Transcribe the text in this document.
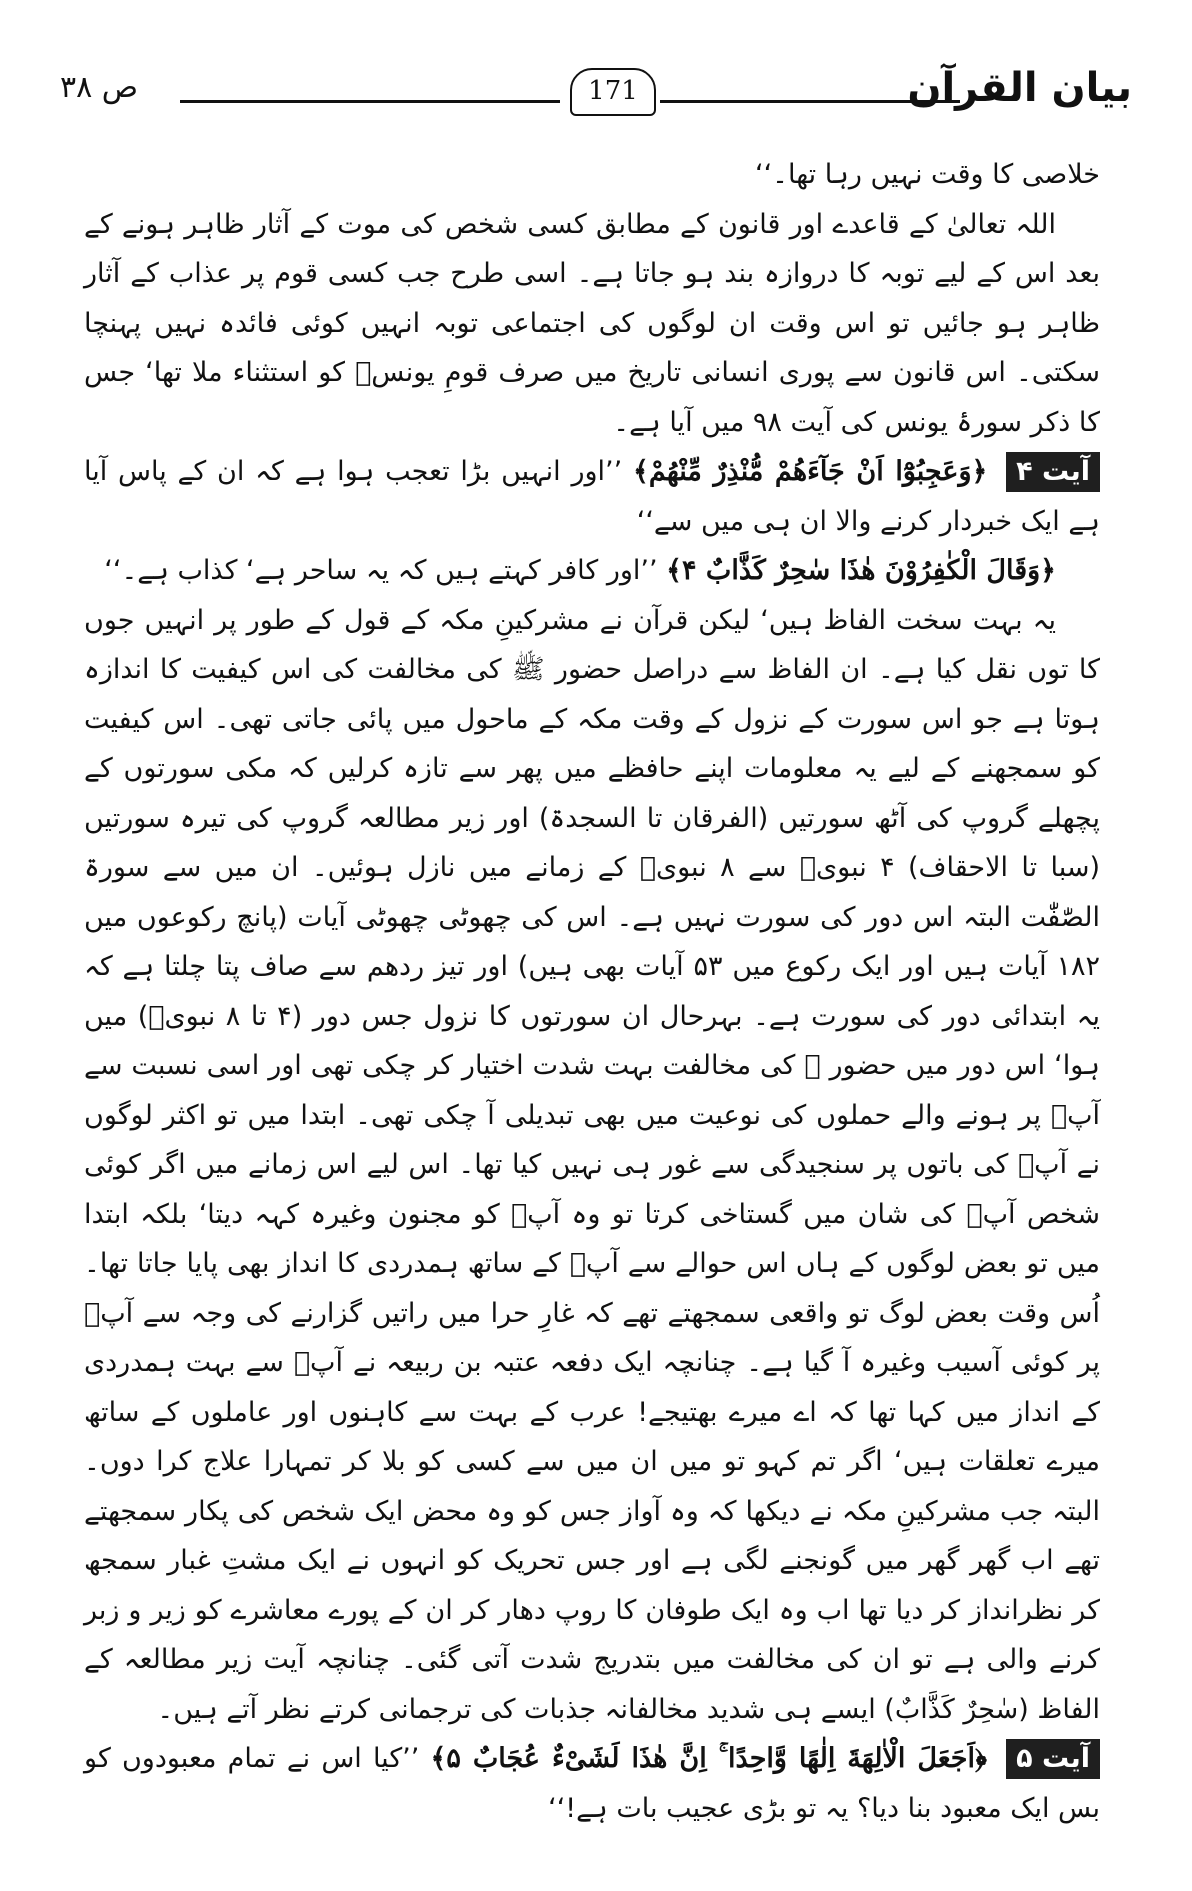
ص ۳۸	171	بیان القرآن

خلاصی کا وقت نہیں رہا تھا۔‘‘

اللہ تعالیٰ کے قاعدے اور قانون کے مطابق کسی شخص کی موت کے آثار ظاہر ہونے کے بعد اس کے لیے توبہ کا دروازہ بند ہو جاتا ہے۔ اسی طرح جب کسی قوم پر عذاب کے آثار ظاہر ہو جائیں تو اس وقت ان لوگوں کی اجتماعی توبہ انہیں کوئی فائدہ نہیں پہنچا سکتی۔ اس قانون سے پوری انسانی تاریخ میں صرف قومِ یونسؑ کو استثناء ملا تھا‘ جس کا ذکر سورۂ یونس کی آیت ۹۸ میں آیا ہے۔

آیت ۴ ﴿وَعَجِبُوْٓا اَنْ جَآءَهُمْ مُّنْذِرٌ مِّنْهُمْ﴾ ’’اور انہیں بڑا تعجب ہوا ہے کہ ان کے پاس آیا ہے ایک خبردار کرنے والا ان ہی میں سے‘‘

﴿وَقَالَ الْكٰفِرُوْنَ هٰذَا سٰحِرٌ كَذَّابٌ ۴﴾ ’’اور کافر کہتے ہیں کہ یہ ساحر ہے‘ کذاب ہے۔‘‘

یہ بہت سخت الفاظ ہیں‘ لیکن قرآن نے مشرکینِ مکہ کے قول کے طور پر انہیں جوں کا توں نقل کیا ہے۔ ان الفاظ سے دراصل حضور ﷺ کی مخالفت کی اس کیفیت کا اندازہ ہوتا ہے جو اس سورت کے نزول کے وقت مکہ کے ماحول میں پائی جاتی تھی۔ اس کیفیت کو سمجھنے کے لیے یہ معلومات اپنے حافظے میں پھر سے تازہ کرلیں کہ مکی سورتوں کے پچھلے گروپ کی آٹھ سورتیں (الفرقان تا السجدۃ) اور زیر مطالعہ گروپ کی تیرہ سورتیں (سبا تا الاحقاف) ۴ نبویؐ سے ۸ نبویؐ کے زمانے میں نازل ہوئیں۔ ان میں سے سورۃ الصّٰفّٰت البتہ اس دور کی سورت نہیں ہے۔ اس کی چھوٹی چھوٹی آیات (پانچ رکوعوں میں ۱۸۲ آیات ہیں اور ایک رکوع میں ۵۳ آیات بھی ہیں) اور تیز ردھم سے صاف پتا چلتا ہے کہ یہ ابتدائی دور کی سورت ہے۔ بہرحال ان سورتوں کا نزول جس دور (۴ تا ۸ نبویؐ) میں ہوا‘ اس دور میں حضور ﷺ کی مخالفت بہت شدت اختیار کر چکی تھی اور اسی نسبت سے آپؐ پر ہونے والے حملوں کی نوعیت میں بھی تبدیلی آ چکی تھی۔ ابتدا میں تو اکثر لوگوں نے آپؐ کی باتوں پر سنجیدگی سے غور ہی نہیں کیا تھا۔ اس لیے اس زمانے میں اگر کوئی شخص آپؐ کی شان میں گستاخی کرتا تو وہ آپؐ کو مجنون وغیرہ کہہ دیتا‘ بلکہ ابتدا میں تو بعض لوگوں کے ہاں اس حوالے سے آپؐ کے ساتھ ہمدردی کا انداز بھی پایا جاتا تھا۔ اُس وقت بعض لوگ تو واقعی سمجھتے تھے کہ غارِ حرا میں راتیں گزارنے کی وجہ سے آپؐ پر کوئی آسیب وغیرہ آ گیا ہے۔ چنانچہ ایک دفعہ عتبہ بن ربیعہ نے آپؐ سے بہت ہمدردی کے انداز میں کہا تھا کہ اے میرے بھتیجے! عرب کے بہت سے کاہنوں اور عاملوں کے ساتھ میرے تعلقات ہیں‘ اگر تم کہو تو میں ان میں سے کسی کو بلا کر تمہارا علاج کرا دوں۔ البتہ جب مشرکینِ مکہ نے دیکھا کہ وہ آواز جس کو وہ محض ایک شخص کی پکار سمجھتے تھے اب گھر گھر میں گونجنے لگی ہے اور جس تحریک کو انہوں نے ایک مشتِ غبار سمجھ کر نظرانداز کر دیا تھا اب وہ ایک طوفان کا روپ دھار کر ان کے پورے معاشرے کو زیر و زبر کرنے والی ہے تو ان کی مخالفت میں بتدریج شدت آتی گئی۔ چنانچہ آیت زیر مطالعہ کے الفاظ (سٰحِرٌ كَذَّابٌ) ایسے ہی شدید مخالفانہ جذبات کی ترجمانی کرتے نظر آتے ہیں۔

آیت ۵ ﴿اَجَعَلَ الْاٰلِهَةَ اِلٰهًا وَّاحِدًا ۚ اِنَّ هٰذَا لَشَیْءٌ عُجَابٌ ۵﴾ ’’کیا اس نے تمام معبودوں کو بس ایک معبود بنا دیا؟ یہ تو بڑی عجیب بات ہے!‘‘
